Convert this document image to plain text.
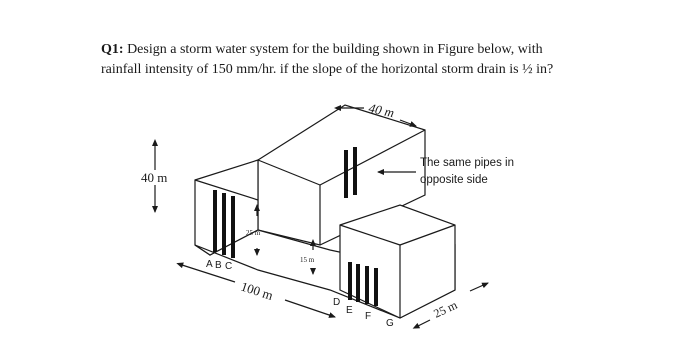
Q1: Design a storm water system for the building shown in Figure below, with
rainfall intensity of 150 mm/hr. if the slope of the horizontal storm drain is ½ in?
40 m
40 m
100 m
25 m
25 m
15 m
A B C
D
E
F
G
The same pipes in
opposite side
